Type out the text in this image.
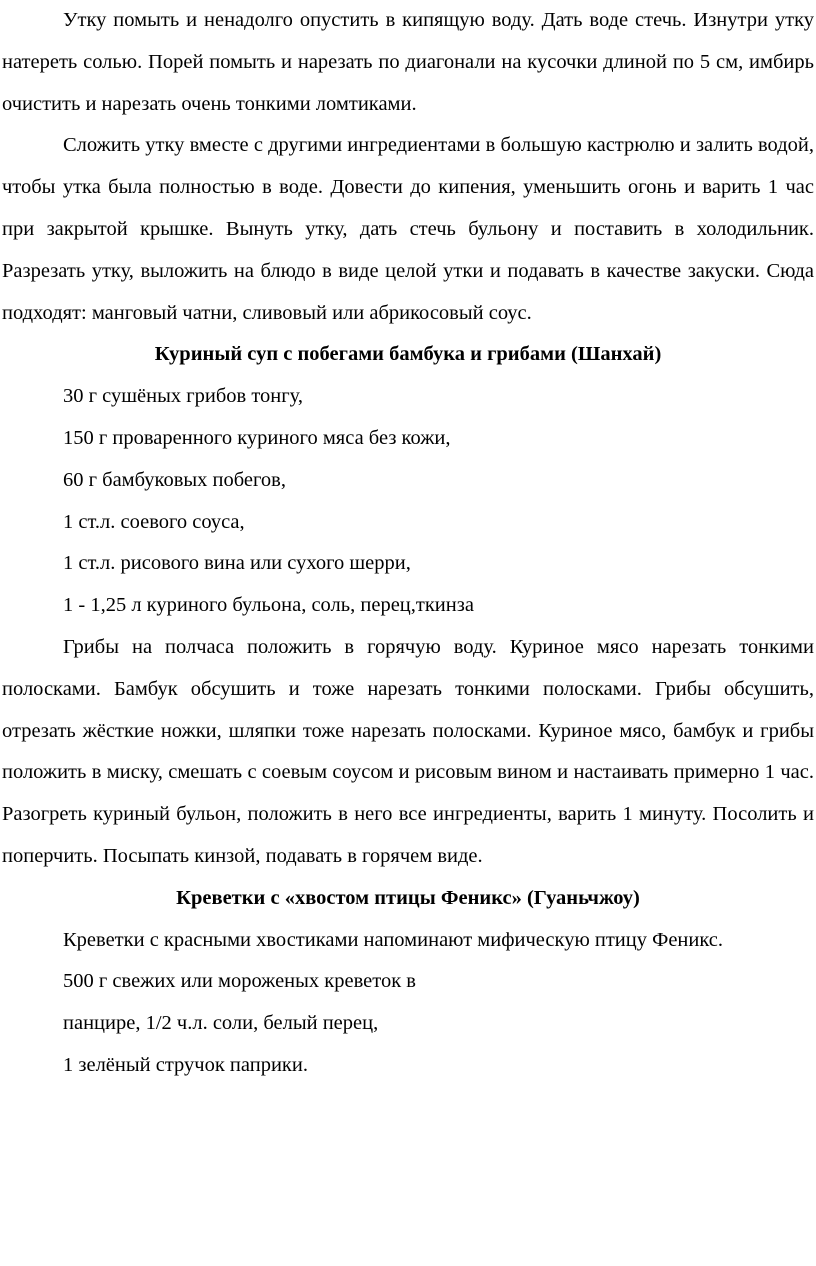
Утку помыть и ненадолго опустить в кипящую воду. Дать воде стечь. Изнутри утку натереть солью. Порей помыть и нарезать по диагонали на кусочки длиной по 5 см, имбирь очистить и нарезать очень тонкими ломтиками.

Сложить утку вместе с другими ингредиентами в большую кастрюлю и залить водой, чтобы утка была полностью в воде. Довести до кипения, уменьшить огонь и варить 1 час при закрытой крышке. Вынуть утку, дать стечь бульону и поставить в холодильник. Разрезать утку, выложить на блюдо в виде целой утки и подавать в качестве закуски. Сюда подходят: манговый чатни, сливовый или абрикосовый соус.

Куриный суп с побегами бамбука и грибами (Шанхай)

30 г сушёных грибов тонгу,

150 г проваренного куриного мяса без кожи,

60 г бамбуковых побегов,

1 ст.л. соевого соуса,

1 ст.л. рисового вина или сухого шерри,

1 - 1,25 л куриного бульона, соль, перец,ткинза

Грибы на полчаса положить в горячую воду. Куриное мясо нарезать тонкими полосками. Бамбук обсушить и тоже нарезать тонкими полосками. Грибы обсушить, отрезать жёсткие ножки, шляпки тоже нарезать полосками. Куриное мясо, бамбук и грибы положить в миску, смешать с соевым соусом и рисовым вином и настаивать примерно 1 час. Разогреть куриный бульон, положить в него все ингредиенты, варить 1 минуту. Посолить и поперчить. Посыпать кинзой, подавать в горячем виде.

Креветки с «хвостом птицы Феникс» (Гуаньчжоу)

Креветки с красными хвостиками напоминают мифическую птицу Феникс.

500 г свежих или мороженых креветок в

панцире, 1/2 ч.л. соли, белый перец,

1 зелёный стручок паприки.
